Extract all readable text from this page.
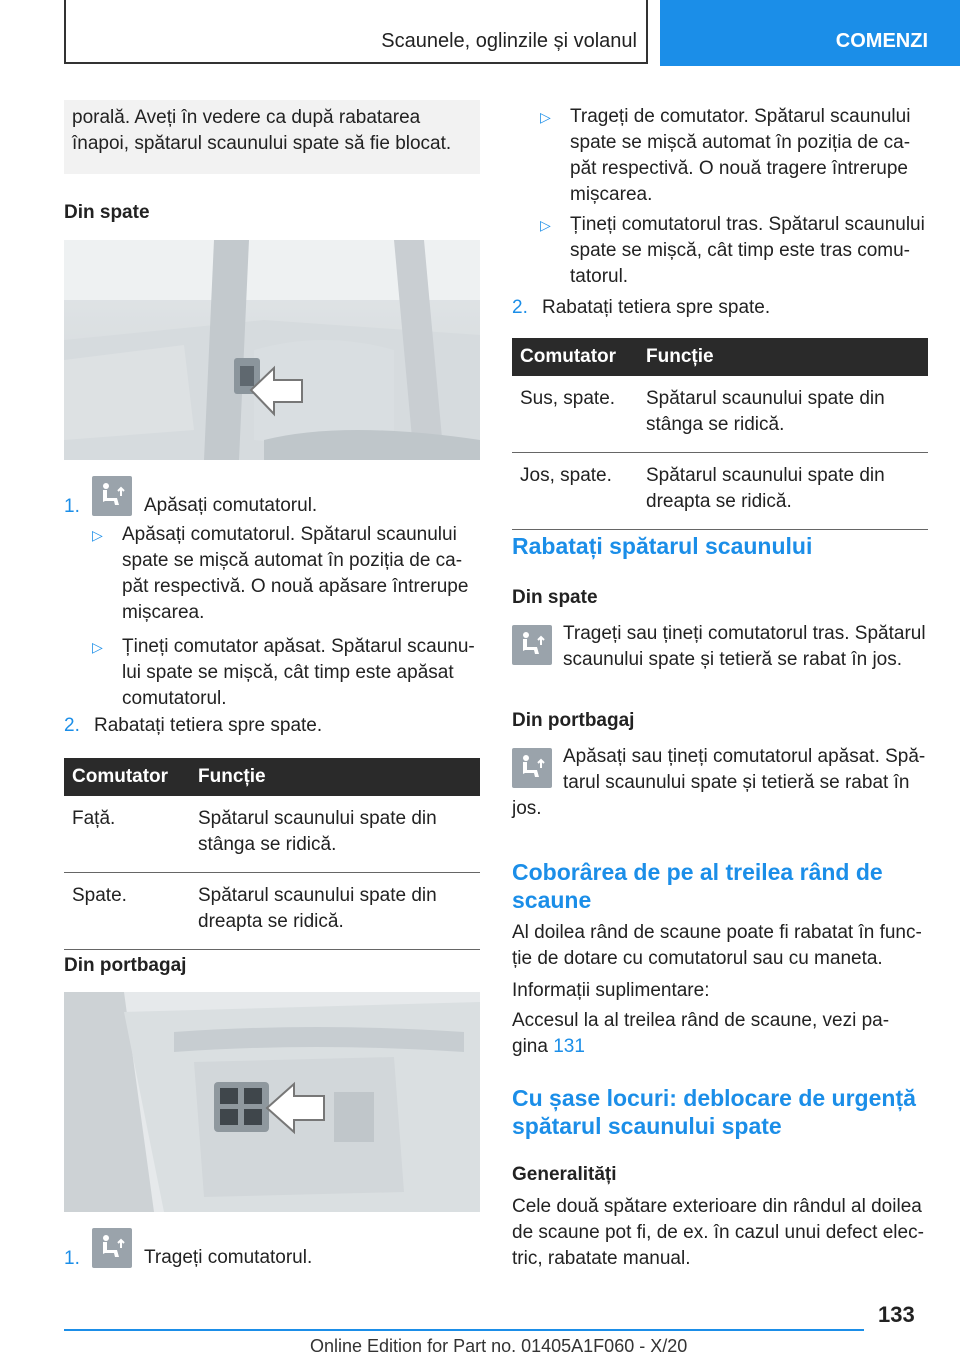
Scaunele, oglinzile și volanul	COMENZI
porală. Aveți în vedere ca după rabatarea înapoi, spătarul scaunului spate să fie blocat.
Din spate
1.	Apăsați comutatorul.
▷ Apăsați comutatorul. Spătarul scaunului spate se mișcă automat în poziția de ca-păt respectivă. O nouă apăsare întrerupe mișcarea.
▷ Țineți comutator apăsat. Spătarul scaunu-lui spate se mișcă, cât timp este apăsat comutatorul.
2. Rabatați tetiera spre spate.
Comutator	Funcție
Față.	Spătarul scaunului spate din stânga se ridică.
Spate.	Spătarul scaunului spate din dreapta se ridică.
Din portbagaj
1.	Trageți comutatorul.
▷ Trageți de comutator. Spătarul scaunului spate se mișcă automat în poziția de ca-păt respectivă. O nouă tragere întrerupe mișcarea.
▷ Țineți comutatorul tras. Spătarul scaunului spate se mișcă, cât timp este tras comu-tatorul.
2. Rabatați tetiera spre spate.
Comutator	Funcție
Sus, spate.	Spătarul scaunului spate din stânga se ridică.
Jos, spate.	Spătarul scaunului spate din dreapta se ridică.
Rabatați spătarul scaunului
Din spate
Trageți sau țineți comutatorul tras. Spătarul scaunului spate și tetieră se rabat în jos.
Din portbagaj
Apăsați sau țineți comutatorul apăsat. Spă-tarul scaunului spate și tetieră se rabat în
jos.
Coborârea de pe al treilea rând de scaune
Al doilea rând de scaune poate fi rabatat în func-ție de dotare cu comutatorul sau cu maneta.
Informații suplimentare:
Accesul la al treilea rând de scaune, vezi pa-gina 131
Cu șase locuri: deblocare de urgență spătarul scaunului spate
Generalități
Cele două spătare exterioare din rândul al doilea de scaune pot fi, de ex. în cazul unui defect elec-tric, rabatate manual.
133
Online Edition for Part no. 01405A1F060 - X/20
